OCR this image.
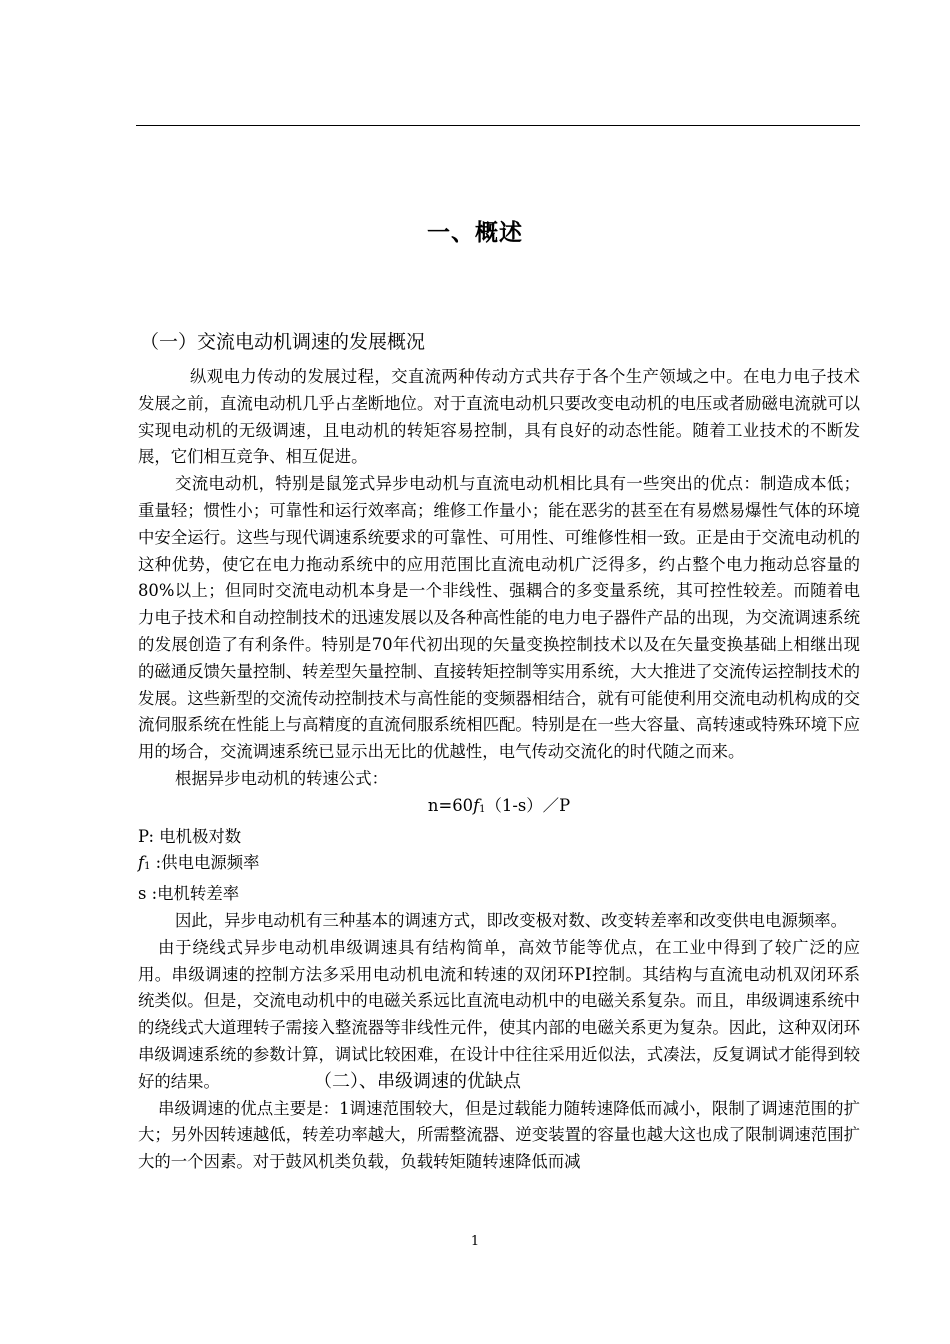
一、概述
（一）交流电动机调速的发展概况

纵观电力传动的发展过程，交直流两种传动方式共存于各个生产领域之中。在电力电子技术发展之前，直流电动机几乎占垄断地位。对于直流电动机只要改变电动机的电压或者励磁电流就可以实现电动机的无级调速，且电动机的转矩容易控制，具有良好的动态性能。随着工业技术的不断发展，它们相互竞争、相互促进。

交流电动机，特别是鼠笼式异步电动机与直流电动机相比具有一些突出的优点：制造成本低；重量轻；惯性小；可靠性和运行效率高；维修工作量小；能在恶劣的甚至在有易燃易爆性气体的环境中安全运行。这些与现代调速系统要求的可靠性、可用性、可维修性相一致。正是由于交流电动机的这种优势，使它在电力拖动系统中的应用范围比直流电动机广泛得多，约占整个电力拖动总容量的80%以上；但同时交流电动机本身是一个非线性、强耦合的多变量系统，其可控性较差。而随着电力电子技术和自动控制技术的迅速发展以及各种高性能的电力电子器件产品的出现，为交流调速系统的发展创造了有利条件。特别是70年代初出现的矢量变换控制技术以及在矢量变换基础上相继出现的磁通反馈矢量控制、转差型矢量控制、直接转矩控制等实用系统，大大推进了交流传运控制技术的发展。这些新型的交流传动控制技术与高性能的变频器相结合，就有可能使利用交流电动机构成的交流伺服系统在性能上与高精度的直流伺服系统相匹配。特别是在一些大容量、高转速或特殊环境下应用的场合，交流调速系统已显示出无比的优越性，电气传动交流化的时代随之而来。

根据异步电动机的转速公式：

n=60f1（1-s）／P

P: 电机极对数

f1 :供电电源频率

s :电机转差率

因此，异步电动机有三种基本的调速方式，即改变极对数、改变转差率和改变供电电源频率。

由于绕线式异步电动机串级调速具有结构简单，高效节能等优点，在工业中得到了较广泛的应用。串级调速的控制方法多采用电动机电流和转速的双闭环PI控制。其结构与直流电动机双闭环系统类似。但是，交流电动机中的电磁关系远比直流电动机中的电磁关系复杂。而且，串级调速系统中的绕线式大道理转子需接入整流器等非线性元件，使其内部的电磁关系更为复杂。因此，这种双闭环串级调速系统的参数计算，调试比较困难，在设计中往往采用近似法，式凑法，反复调试才能得到较好的结果。	（二）、串级调速的优缺点

串级调速的优点主要是：1调速范围较大，但是过载能力随转速降低而减小，限制了调速范围的扩大；另外因转速越低，转差功率越大，所需整流器、逆变装置的容量也越大这也成了限制调速范围扩大的一个因素。对于鼓风机类负载，负载转矩随转速降低而减

1
